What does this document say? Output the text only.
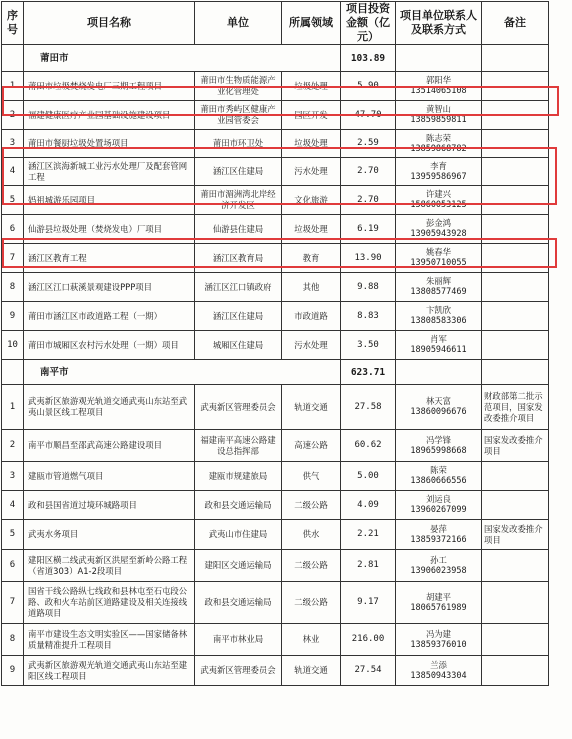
序号	项目名称	单位	所属领域	项目投资金额（亿元）	项目单位联系人及联系方式	备注
	莆田市			103.89		
1	莆田市垃圾焚烧发电厂三期工程项目	莆田市生物质能源产业化管理处	垃圾处理	5.90	郭阳华
13514065108	

2	福建健康医疗产业园基础设施建设项目	莆田市秀屿区健康产业园管委会	园区开发	47.70	黄智山
13859859811	

3	莆田市餐厨垃圾处置场项目	莆田市环卫处	垃圾处理	2.59	陈志荣
13859868782	

4	涵江区滨海新城工业污水处理厂及配套管网工程	涵江区住建局	污水处理	2.70	李育
13959586967	

5	妈祖城游乐园项目	莆田市湄洲湾北岸经济开发区	文化旅游	2.70	许建兴
15860053125	

6	仙游县垃圾处理（焚烧发电）厂项目	仙游县住建局	垃圾处理	6.19	彭金鸿
13905943928	

7	涵江区教育工程	涵江区教育局	教育	13.90	姚春华
13950710055	

8	涵江区江口萩溪景观建设PPP项目	涵江区江口镇政府	其他	9.88	朱丽辉
13808577469	

9	莆田市涵江区市政道路工程（一期）	涵江区住建局	市政道路	8.83	卞凯欣
13808583306	

10	莆田市城厢区农村污水处理（一期）项目	城厢区住建局	污水处理	3.50	肖军
18905946611	

	南平市			623.71		
1	武夷新区旅游观光轨道交通武夷山东站至武夷山景区线工程项目	武夷新区管理委员会	轨道交通	27.58	林天富
13860096676	财政部第二批示范项目，国家发改委推介项目
2	南平市顺昌至邵武高速公路建设项目	福建南平高速公路建设总指挥部	高速公路	60.62	冯学锋
18965998668	国家发改委推介项目
3	建瓯市管道燃气项目	建瓯市规建旅局	供气	5.00	陈荣
13860666556	

4	政和县国省道过境环城路项目	政和县交通运输局	二级公路	4.09	刘运良
13960267099	

5	武夷水务项目	武夷山市住建局	供水	2.21	晏萍
13859372166	国家发改委推介项目
6	建阳区横二线武夷新区洪屋至新岭公路工程（省道303）A1-2段项目	建阳区交通运输局	二级公路	2.81	孙工
13906023958	

7	国省干线公路纵七线政和县林屯至石屯段公路、政和火车站前区道路建设及相关连接线道路项目	政和县交通运输局	二级公路	9.17	胡建平
18065761989	

8	南平市建设生态文明实验区——国家储备林质量精准提升工程项目	南平市林业局	林业	216.00	冯为建
13859376010	

9	武夷新区旅游观光轨道交通武夷山东站至建阳区线工程项目	武夷新区管理委员会	轨道交通	27.54	兰添
13850943304	
